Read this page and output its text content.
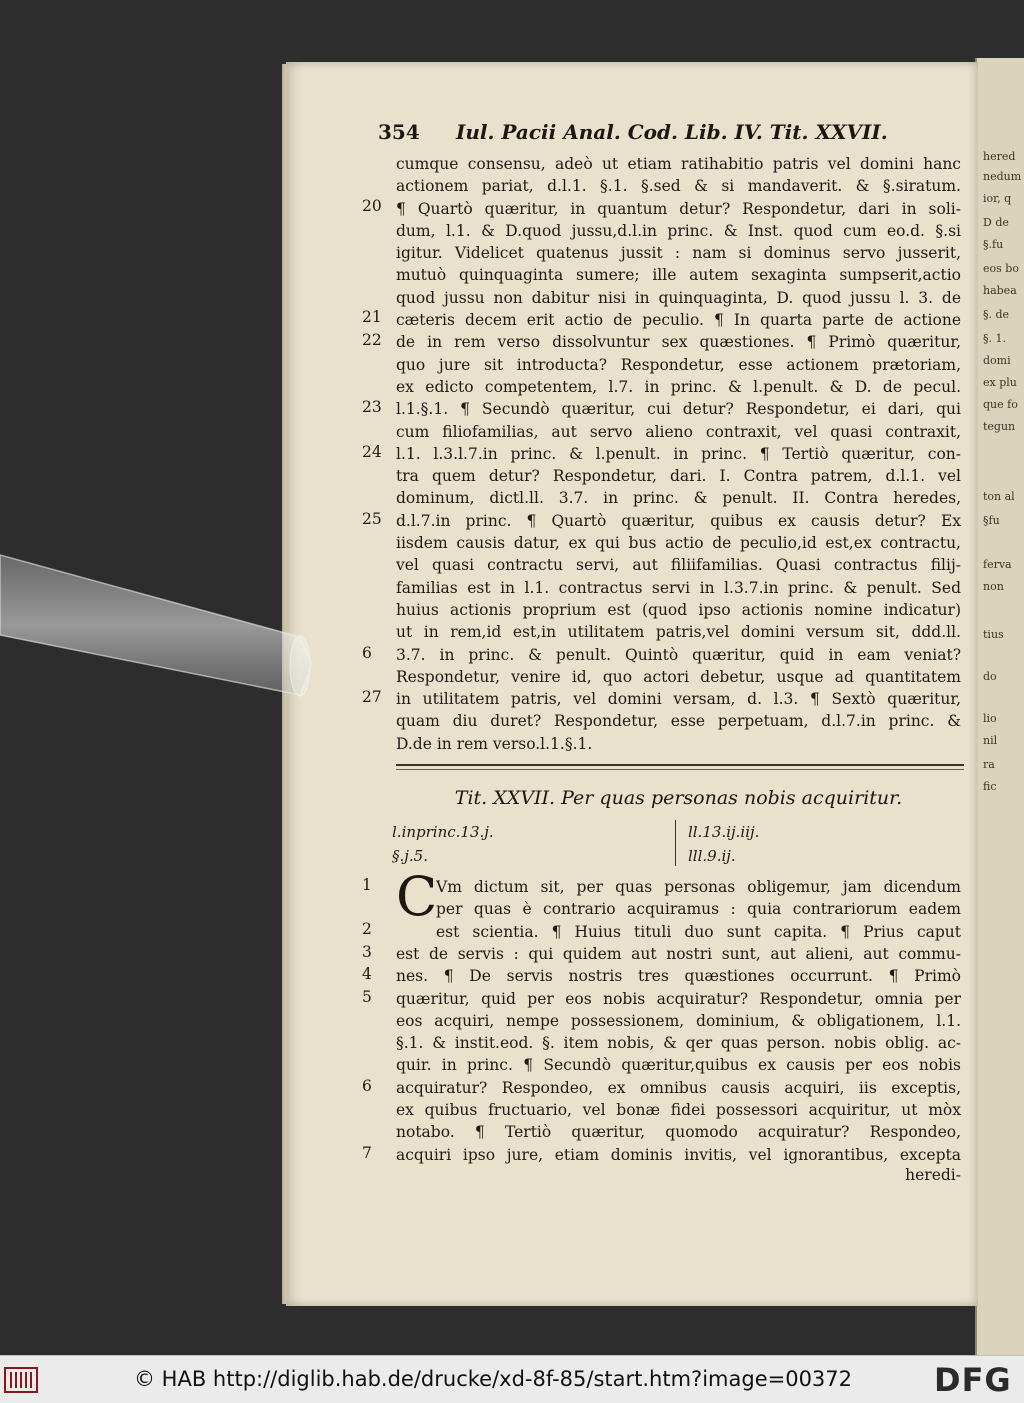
hered
nedum
ior, q
D de
§.fu
eos bo
habea
§. de
§. 1.
domi
ex plu
que fo
tegun
ton al
§fu
ferva
non
tius
do
lio
nil
ra
fic
354 Iul. Pacii Anal. Cod. Lib. IV. Tit. XXVII.
cumque consensu, adeò ut etiam ratihabitio patris vel domini hanc
actionem pariat, d.l.1. §.1. §.sed & si mandaverit. & §.siratum.
¶ Quartò quæritur, in quantum detur? Respondetur, dari in soli-
dum, l.1. & D.quod jussu,d.l.in princ. & Inst. quod cum eo.d. §.si
igitur. Videlicet quatenus jussit : nam si dominus servo jusserit,
mutuò quinquaginta sumere; ille autem sexaginta sumpserit,actio
quod jussu non dabitur nisi in quinquaginta, D. quod jussu l. 3. de
cæteris decem erit actio de peculio. ¶ In quarta parte de actione
de in rem verso dissolvuntur sex quæstiones. ¶ Primò quæritur,
quo jure sit introducta? Respondetur, esse actionem prætoriam,
ex edicto competentem, l.7. in princ. & l.penult. & D. de pecul.
l.1.§.1. ¶ Secundò quæritur, cui detur? Respondetur, ei dari, qui
cum filiofamilias, aut servo alieno contraxit, vel quasi contraxit,
l.1. l.3.l.7.in princ. & l.penult. in princ. ¶ Tertiò quæritur, con-
tra quem detur? Respondetur, dari. I. Contra patrem, d.l.1. vel
dominum, dictl.ll. 3.7. in princ. & penult. II. Contra heredes,
d.l.7.in princ. ¶ Quartò quæritur, quibus ex causis detur? Ex
iisdem causis datur, ex qui bus actio de peculio,id est,ex contractu,
vel quasi contractu servi, aut filiifamilias. Quasi contractus filij-
familias est in l.1. contractus servi in l.3.7.in princ. & penult. Sed
huius actionis proprium est (quod ipso actionis nomine indicatur)
ut in rem,id est,in utilitatem patris,vel domini versum sit, ddd.ll.
3.7. in princ. & penult. Quintò quæritur, quid in eam veniat?
Respondetur, venire id, quo actori debetur, usque ad quantitatem
in utilitatem patris, vel domini versam, d. l.3. ¶ Sextò quæritur,
quam diu duret? Respondetur, esse perpetuam, d.l.7.in princ. &
D.de in rem verso.l.1.§.1.
20
21
22
23
24
25
6
27
Tit. XXVII. Per quas personas nobis acquiritur.
l.inprinc.13.j.
§.j.5.
ll.13.ij.iij.
lll.9.ij.
C
Vm dictum sit, per quas personas obligemur, jam dicendum
per quas è contrario acquiramus : quia contrariorum eadem
est scientia. ¶ Huius tituli duo sunt capita. ¶ Prius caput
est de servis : qui quidem aut nostri sunt, aut alieni, aut commu-
nes. ¶ De servis nostris tres quæstiones occurrunt. ¶ Primò
quæritur, quid per eos nobis acquiratur? Respondetur, omnia per
eos acquiri, nempe possessionem, dominium, & obligationem, l.1.
§.1. & instit.eod. §. item nobis, & qer quas person. nobis oblig. ac-
quir. in princ. ¶ Secundò quæritur,quibus ex causis per eos nobis
acquiratur? Respondeo, ex omnibus causis acquiri, iis exceptis,
ex quibus fructuario, vel bonæ fidei possessori acquiritur, ut mòx
notabo. ¶ Tertiò quæritur, quomodo acquiratur? Respondeo,
acquiri ipso jure, etiam dominis invitis, vel ignorantibus, excepta
heredi-
1
2
3
4
5
6
7
© HAB http://diglib.hab.de/drucke/xd-8f-85/start.htm?image=00372	DFG
